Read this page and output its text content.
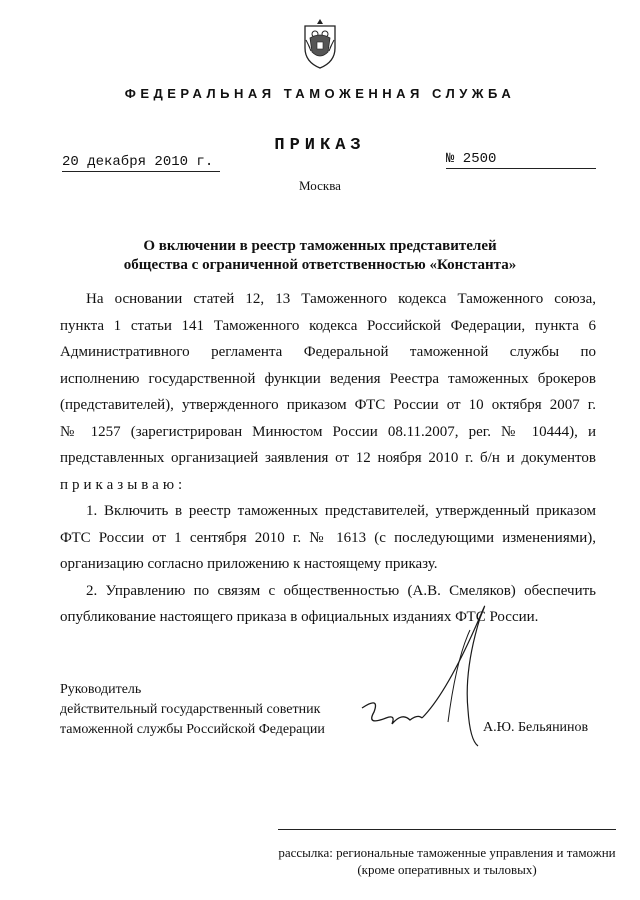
ФЕДЕРАЛЬНАЯ ТАМОЖЕННАЯ СЛУЖБА
ПРИКАЗ
20 декабря 2010 г.	№ 2500
Москва
О включении в реестр таможенных представителей
общества с ограниченной ответственностью «Константа»
На основании статей 12, 13 Таможенного кодекса Таможенного союза,
пункта 1 статьи 141 Таможенного кодекса Российской Федерации, пункта 6
Административного регламента Федеральной таможенной службы по
исполнению государственной функции ведения Реестра таможенных брокеров
(представителей), утвержденного приказом ФТС России от 10 октября 2007 г.
№ 1257 (зарегистрирован Минюстом России 08.11.2007, рег. № 10444), и
представленных организацией заявления от 12 ноября 2010 г. б/н и документов
приказываю:
1. Включить в реестр таможенных представителей, утвержденный приказом
ФТС России от 1 сентября 2010 г. № 1613 (с последующими изменениями),
организацию согласно приложению к настоящему приказу.
2. Управлению по связям с общественностью (А.В. Смеляков) обеспечить
опубликование настоящего приказа в официальных изданиях ФТС России.
Руководитель
действительный государственный советник
таможенной службы Российской Федерации	А.Ю. Бельянинов
рассылка: региональные таможенные управления и таможни
(кроме оперативных и тыловых)
